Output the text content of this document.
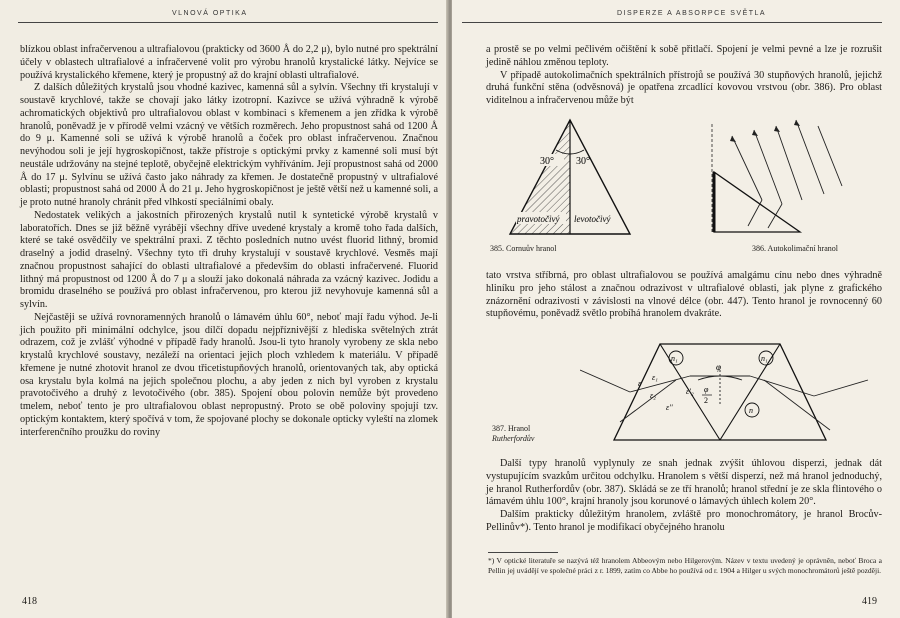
VLNOVÁ OPTIKA

blízkou oblast infračervenou a ultrafialovou (prakticky od 3600 Å do 2,2 μ), bylo nutné pro spektrální účely v oblastech ultrafialové a infračervené volit pro výrobu hranolů krystalické látky. Nejvíce se používá krystalického křemene, který je propustný až do krajní oblasti ultrafialové.

Z dalších důležitých krystalů jsou vhodné kazivec, kamenná sůl a sylvín. Všechny tři krystalují v soustavě krychlové, takže se chovají jako látky izotropní. Kazivce se užívá výhradně k výrobě achromatických objektivů pro ultrafialovou oblast v kombinaci s křemenem a jen zřídka k výrobě hranolů, poněvadž je v přírodě velmi vzácný ve větších rozměrech. Jeho propustnost sahá od 1200 Å do 9 μ. Kamenné soli se užívá k výrobě hranolů a čoček pro oblast infračervenou. Značnou nevýhodou soli je její hygroskopičnost, takže přístroje s optickými prvky z kamenné soli musí být neustále udržovány na stejné teplotě, obyčejně elektrickým vyhříváním. Její propustnost sahá od 2000 Å do 17 μ. Sylvínu se užívá často jako náhrady za křemen. Je dostatečně propustný v ultrafialové oblasti; propustnost sahá od 2000 Å do 21 μ. Jeho hygroskopičnost je ještě větší než u kamenné soli, a je proto nutné hranoly chránit před vlhkostí speciálními obaly.

Nedostatek velikých a jakostních přirozených krystalů nutil k syntetické výrobě krystalů v laboratořích. Dnes se již běžně vyrábějí všechny dříve uvedené krystaly a kromě toho řada dalších, které se také osvědčily ve spektrální praxi. Z těchto posledních nutno uvést fluorid lithný, bromid draselný a jodid draselný. Všechny tyto tři druhy krystalují v soustavě krychlové. Vesměs mají značnou propustnost sahající do oblasti ultrafialové a především do oblasti infračervené. Fluorid lithný má propustnost od 1200 Å do 7 μ a slouží jako dokonalá náhrada za vzácný kazivec. Jodidu a bromidu draselného se používá pro oblast infračervenou, pro kterou již nevyhovuje kamenná sůl a sylvín.

Nejčastěji se užívá rovnoramenných hranolů o lámavém úhlu 60°, neboť mají řadu výhod. Je-li jich použito při minimální odchylce, jsou dílčí dopadu nejpříznivější z hlediska světelných ztrát odrazem, což je zvlášť výhodné v případě řady hranolů. Jsou-li tyto hranoly vyrobeny ze skla nebo krystalů krychlové soustavy, nezáleží na orientaci jejich ploch vzhledem k materiálu. V případě křemene je nutné zhotovit hranol ze dvou třicetistupňových hranolů, orientovaných tak, aby optická osa krystalu byla kolmá na jejich společnou plochu, a aby jeden z nich byl vyroben z krystalu pravotočivého a druhý z levotočivého (obr. 385). Spojení obou polovin nemůže být provedeno tmelem, neboť tento je pro ultrafialovou oblast nepropustný. Proto se obě poloviny spojují tzv. optickým kontaktem, který spočívá v tom, že spojované plochy se dokonale opticky vyleští na zlomek interferenčního proužku do roviny

418
DISPERZE A ABSORPCE SVĚTLA

a prostě se po velmi pečlivém očištění k sobě přitlačí. Spojení je velmi pevné a lze je rozrušit jedině náhlou změnou teploty.

V případě autokolimačních spektrálních přístrojů se používá 30 stupňových hranolů, jejichž druhá funkční stěna (odvěsnová) je opatřena zrcadlící kovovou vrstvou (obr. 386). Pro oblast viditelnou a infračervenou může být

30° 30°
pravotočivý levotočivý
385. Cornuův hranol	386. Autokolimační hranol

tato vrstva stříbrná, pro oblast ultrafialovou se používá amalgámu cínu nebo dnes výhradně hliníku pro jeho stálost a značnou odrazivost v ultrafialové oblasti, jak plyne z grafického znázornění odrazivosti v závislosti na vlnové délce (obr. 447). Tento hranol je rovnocenný 60 stupňovému, poněvadž světlo probíhá hranolem dvakráte.

n₁	n₁
n
φ
ε
ε₁
ε₂	ε'₂
ε''
φ
2
387. Hranol
Rutherfordův

Další typy hranolů vyplynuly ze snah jednak zvýšit úhlovou disperzi, jednak dát vystupujícím svazkům určitou odchylku. Hranolem s větší disperzí, než má hranol jednoduchý, je hranol Rutherfordův (obr. 387). Skládá se ze tří hranolů; hranol střední je ze skla flintového o lámavém úhlu 100°, krajní hranoly jsou korunové o lámavých úhlech kolem 20°.

Dalším prakticky důležitým hranolem, zvláště pro monochromátory, je hranol Brocův-Pellinův*). Tento hranol je modifikací obyčejného hranolu

*) V optické literatuře se nazývá též hranolem Abbeovým nebo Hilgerovým. Název v textu uvedený je oprávněn, neboť Broca a Pellin jej uvádějí ve společné práci z r. 1899, zatím co Abbe ho používá od r. 1904 a Hilger u svých monochromátorů ještě později.
419
